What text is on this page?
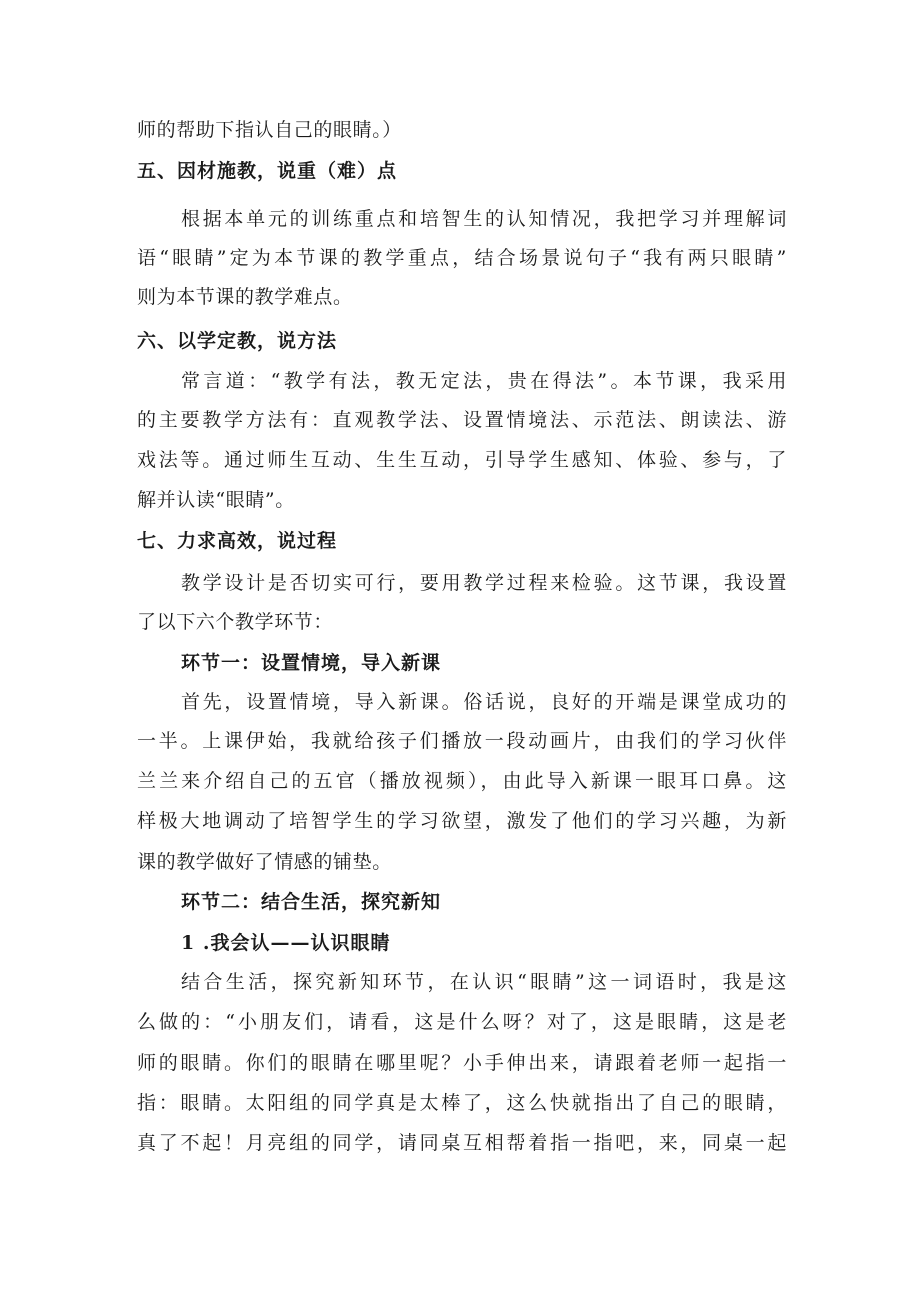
师的帮助下指认自己的眼睛。）
五、因材施教，说重（难）点
根据本单元的训练重点和培智生的认知情况，我把学习并理解词
语“眼睛”定为本节课的教学重点，结合场景说句子“我有两只眼睛”
则为本节课的教学难点。
六、以学定教，说方法
常言道：“教学有法，教无定法，贵在得法”。本节课，我采用
的主要教学方法有：直观教学法、设置情境法、示范法、朗读法、游
戏法等。通过师生互动、生生互动，引导学生感知、体验、参与，了
解并认读“眼睛”。
七、力求高效，说过程
教学设计是否切实可行，要用教学过程来检验。这节课，我设置
了以下六个教学环节：
环节一：设置情境，导入新课
首先，设置情境，导入新课。俗话说，良好的开端是课堂成功的
一半。上课伊始，我就给孩子们播放一段动画片，由我们的学习伙伴
兰兰来介绍自己的五官（播放视频），由此导入新课一眼耳口鼻。这
样极大地调动了培智学生的学习欲望，激发了他们的学习兴趣，为新
课的教学做好了情感的铺垫。
环节二：结合生活，探究新知
1 .我会认——认识眼睛
结合生活，探究新知环节，在认识“眼睛”这一词语时，我是这
么做的：“小朋友们，请看，这是什么呀？对了，这是眼睛，这是老
师的眼睛。你们的眼睛在哪里呢？小手伸出来，请跟着老师一起指一
指：眼睛。太阳组的同学真是太棒了，这么快就指出了自己的眼睛，
真了不起！月亮组的同学，请同桌互相帮着指一指吧，来，同桌一起
